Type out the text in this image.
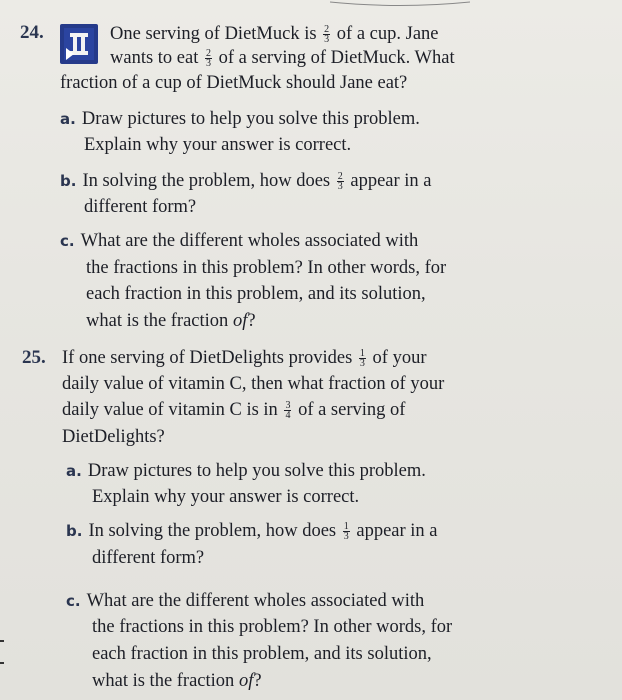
24.	One serving of DietMuck is $\frac{2}{3}$ of a cup. Jane
wants to eat $\frac{2}{3}$ of a serving of DietMuck. What
fraction of a cup of DietMuck should Jane eat?
a. Draw pictures to help you solve this problem.
Explain why your answer is correct.
b. In solving the problem, how does $\frac{2}{3}$ appear in a
different form?
c. What are the different wholes associated with
the fractions in this problem? In other words, for
each fraction in this problem, and its solution,
what is the fraction of?
25. If one serving of DietDelights provides $\frac{1}{3}$ of your
daily value of vitamin C, then what fraction of your
daily value of vitamin C is in $\frac{3}{4}$ of a serving of
DietDelights?
a. Draw pictures to help you solve this problem.
Explain why your answer is correct.
b. In solving the problem, how does $\frac{1}{3}$ appear in a
different form?
c. What are the different wholes associated with
the fractions in this problem? In other words, for
each fraction in this problem, and its solution,
what is the fraction of?
